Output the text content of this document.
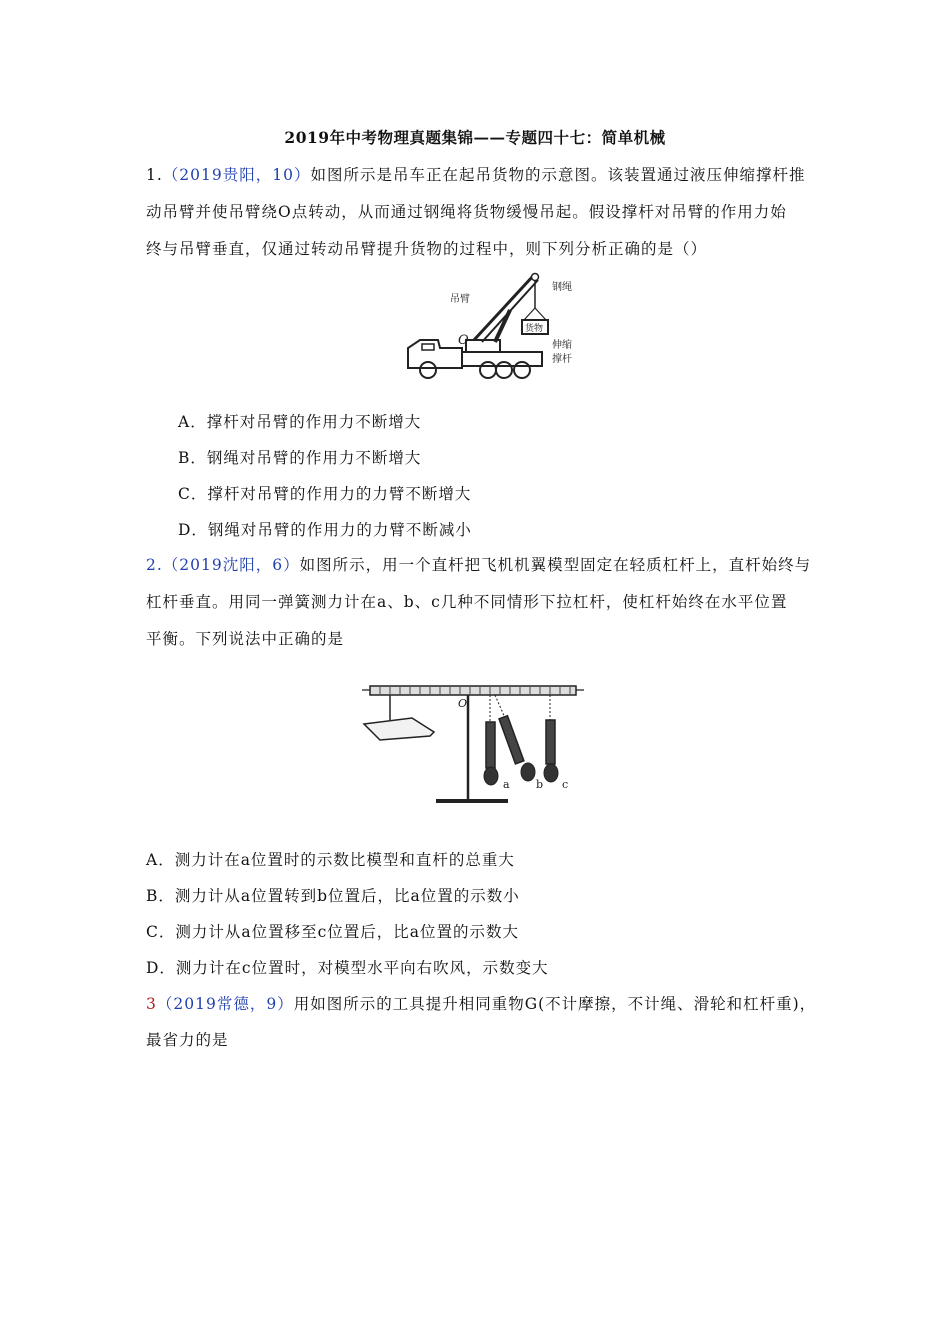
2019年中考物理真题集锦——专题四十七：简单机械
1.（2019贵阳，10）如图所示是吊车正在起吊货物的示意图。该装置通过液压伸缩撑杆推
动吊臂并使吊臂绕O点转动，从而通过钢绳将货物缓慢吊起。假设撑杆对吊臂的作用力始
终与吊臂垂直，仅通过转动吊臂提升货物的过程中，则下列分析正确的是（）
吊臂
钢绳
货物
O	伸缩
撑杆
A．撑杆对吊臂的作用力不断增大
B．钢绳对吊臂的作用力不断增大
C．撑杆对吊臂的作用力的力臂不断增大
D．钢绳对吊臂的作用力的力臂不断减小
2.（2019沈阳，6）如图所示，用一个直杆把飞机机翼模型固定在轻质杠杆上，直杆始终与
杠杆垂直。用同一弹簧测力计在a、b、c几种不同情形下拉杠杆，使杠杆始终在水平位置
平衡。下列说法中正确的是
O
a b c
A．测力计在a位置时的示数比模型和直杆的总重大
B．测力计从a位置转到b位置后，比a位置的示数小
C．测力计从a位置移至c位置后，比a位置的示数大
D．测力计在c位置时，对模型水平向右吹风，示数变大
3（2019常德，9）用如图所示的工具提升相同重物G(不计摩擦，不计绳、滑轮和杠杆重)，
最省力的是
